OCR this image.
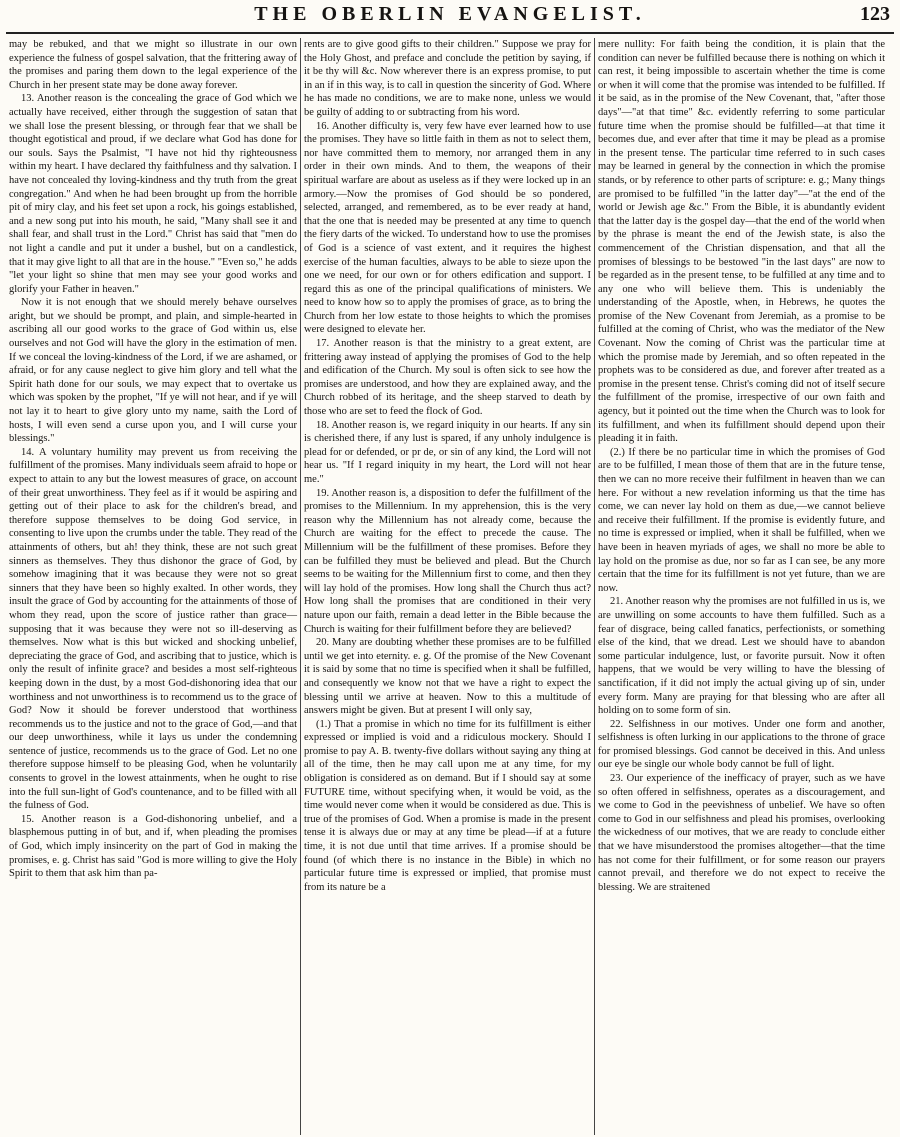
THE OBERLIN EVANGELIST.	123

may be rebuked, and that we might so illustrate in our own experience the fulness of gospel salvation, that the frittering away of the promises and paring them down to the legal experience of the Church in her present state may be done away forever.

13. Another reason is the concealing the grace of God which we actually have received, either through the suggestion of satan that we shall lose the present blessing, or through fear that we shall be thought egotistical and proud, if we declare what God has done for our souls. Says the Psalmist, "I have not hid thy righteousness within my heart. I have declared thy faithfulness and thy salvation. I have not concealed thy loving-kindness and thy truth from the great congregation." And when he had been brought up from the horrible pit of miry clay, and his feet set upon a rock, his goings established, and a new song put into his mouth, he said, "Many shall see it and shall fear, and shall trust in the Lord." Christ has said that "men do not light a candle and put it under a bushel, but on a candlestick, that it may give light to all that are in the house." "Even so," he adds "let your light so shine that men may see your good works and glorify your Father in heaven."

Now it is not enough that we should merely behave ourselves aright, but we should be prompt, and plain, and simple-hearted in ascribing all our good works to the grace of God within us, else ourselves and not God will have the glory in the estimation of men. If we conceal the loving-kindness of the Lord, if we are ashamed, or afraid, or for any cause neglect to give him glory and tell what the Spirit hath done for our souls, we may expect that to overtake us which was spoken by the prophet, "If ye will not hear, and if ye will not lay it to heart to give glory unto my name, saith the Lord of hosts, I will even send a curse upon you, and I will curse your blessings."

14. A voluntary humility may prevent us from receiving the fulfillment of the promises. Many individuals seem afraid to hope or expect to attain to any but the lowest measures of grace, on account of their great unworthiness. They feel as if it would be aspiring and getting out of their place to ask for the children's bread, and therefore suppose themselves to be doing God service, in consenting to live upon the crumbs under the table. They read of the attainments of others, but ah! they think, these are not such great sinners as themselves. They thus dishonor the grace of God, by somehow imagining that it was because they were not so great sinners that they have been so highly exalted. In other words, they insult the grace of God by accounting for the attainments of those of whom they read, upon the score of justice rather than grace—supposing that it was because they were not so ill-deserving as themselves. Now what is this but wicked and shocking unbelief, depreciating the grace of God, and ascribing that to justice, which is only the result of infinite grace? and besides a most self-righteous keeping down in the dust, by a most God-dishonoring idea that our worthiness and not unworthiness is to recommend us to the grace of God? Now it should be forever understood that worthiness recommends us to the justice and not to the grace of God,—and that our deep unworthiness, while it lays us under the condemning sentence of justice, recommends us to the grace of God. Let no one therefore suppose himself to be pleasing God, when he voluntarily consents to grovel in the lowest attainments, when he ought to rise into the full sun-light of God's countenance, and to be filled with all the fulness of God.

15. Another reason is a God-dishonoring unbelief, and a blasphemous putting in of but, and if, when pleading the promises of God, which imply insincerity on the part of God in making the promises, e. g. Christ has said "God is more willing to give the Holy Spirit to them that ask him than pa-

rents are to give good gifts to their children." Suppose we pray for the Holy Ghost, and preface and conclude the petition by saying, if it be thy will &c. Now wherever there is an express promise, to put in an if in this way, is to call in question the sincerity of God. Where he has made no conditions, we are to make none, unless we would be guilty of adding to or subtracting from his word.

16. Another difficulty is, very few have ever learned how to use the promises. They have so little faith in them as not to select them, nor have committed them to memory, nor arranged them in any order in their own minds. And to them, the weapons of their spiritual warfare are about as useless as if they were locked up in an armory.—Now the promises of God should be so pondered, selected, arranged, and remembered, as to be ever ready at hand, that the one that is needed may be presented at any time to quench the fiery darts of the wicked. To understand how to use the promises of God is a science of vast extent, and it requires the highest exercise of the human faculties, always to be able to sieze upon the one we need, for our own or for others edification and support. I regard this as one of the principal qualifications of ministers. We need to know how so to apply the promises of grace, as to bring the Church from her low estate to those heights to which the promises were designed to elevate her.

17. Another reason is that the ministry to a great extent, are frittering away instead of applying the promises of God to the help and edification of the Church. My soul is often sick to see how the promises are understood, and how they are explained away, and the Church robbed of its heritage, and the sheep starved to death by those who are set to feed the flock of God.

18. Another reason is, we regard iniquity in our hearts. If any sin is cherished there, if any lust is spared, if any unholy indulgence is plead for or defended, or pr de, or sin of any kind, the Lord will not hear us. "If I regard iniquity in my heart, the Lord will not hear me."

19. Another reason is, a disposition to defer the fulfillment of the promises to the Millennium. In my apprehension, this is the very reason why the Millennium has not already come, because the Church are waiting for the effect to precede the cause. The Millennium will be the fulfillment of these promises. Before they can be fulfilled they must be believed and plead. But the Church seems to be waiting for the Millennium first to come, and then they will lay hold of the promises. How long shall the Church thus act? How long shall the promises that are conditioned in their very nature upon our faith, remain a dead letter in the Bible because the Church is waiting for their fulfillment before they are believed?

20. Many are doubting whether these promises are to be fulfilled until we get into eternity. e. g. Of the promise of the New Covenant it is said by some that no time is specified when it shall be fulfilled, and consequently we know not that we have a right to expect the blessing until we arrive at heaven. Now to this a multitude of answers might be given. But at present I will only say,

(1.) That a promise in which no time for its fulfillment is either expressed or implied is void and a ridiculous mockery. Should I promise to pay A. B. twenty-five dollars without saying any thing at all of the time, then he may call upon me at any time, for my obligation is considered as on demand. But if I should say at some FUTURE time, without specifying when, it would be void, as the time would never come when it would be considered as due. This is true of the promises of God. When a promise is made in the present tense it is always due or may at any time be plead—if at a future time, it is not due until that time arrives. If a promise should be found (of which there is no instance in the Bible) in which no particular future time is expressed or implied, that promise must from its nature be a

mere nullity: For faith being the condition, it is plain that the condition can never be fulfilled because there is nothing on which it can rest, it being impossible to ascertain whether the time is come or when it will come that the promise was intended to be fulfilled. If it be said, as in the promise of the New Covenant, that, "after those days"—"at that time" &c. evidently referring to some particular future time when the promise should be fulfilled—at that time it becomes due, and ever after that time it may be plead as a promise in the present tense. The particular time referred to in such cases may be learned in general by the connection in which the promise stands, or by reference to other parts of scripture: e. g.; Many things are promised to be fulfilled "in the latter day"—"at the end of the world or Jewish age &c." From the Bible, it is abundantly evident that the latter day is the gospel day—that the end of the world when by the phrase is meant the end of the Jewish state, is also the commencement of the Christian dispensation, and that all the promises of blessings to be bestowed "in the last days" are now to be regarded as in the present tense, to be fulfilled at any time and to any one who will believe them. This is undeniably the understanding of the Apostle, when, in Hebrews, he quotes the promise of the New Covenant from Jeremiah, as a promise to be fulfilled at the coming of Christ, who was the mediator of the New Covenant. Now the coming of Christ was the particular time at which the promise made by Jeremiah, and so often repeated in the prophets was to be considered as due, and forever after treated as a promise in the present tense. Christ's coming did not of itself secure the fulfillment of the promise, irrespective of our own faith and agency, but it pointed out the time when the Church was to look for its fulfillment, and when its fulfillment should depend upon their pleading it in faith.

(2.) If there be no particular time in which the promises of God are to be fulfilled, I mean those of them that are in the future tense, then we can no more receive their fulfilment in heaven than we can here. For without a new revelation informing us that the time has come, we can never lay hold on them as due,—we cannot believe and receive their fulfillment. If the promise is evidently future, and no time is expressed or implied, when it shall be fulfilled, when we have been in heaven myriads of ages, we shall no more be able to lay hold on the promise as due, nor so far as I can see, be any more certain that the time for its fulfillment is not yet future, than we are now.

21. Another reason why the promises are not fulfilled in us is, we are unwilling on some accounts to have them fulfilled. Such as a fear of disgrace, being called fanatics, perfectionists, or something else of the kind, that we dread. Lest we should have to abandon some particular indulgence, lust, or favorite pursuit. Now it often happens, that we would be very willing to have the blessing of sanctification, if it did not imply the actual giving up of sin, under every form. Many are praying for that blessing who are after all holding on to some form of sin.

22. Selfishness in our motives. Under one form and another, selfishness is often lurking in our applications to the throne of grace for promised blessings. God cannot be deceived in this. And unless our eye be single our whole body cannot be full of light.

23. Our experience of the inefficacy of prayer, such as we have so often offered in selfishness, operates as a discouragement, and we come to God in the peevishness of unbelief. We have so often come to God in our selfishness and plead his promises, overlooking the wickedness of our motives, that we are ready to conclude either that we have misunderstood the promises altogether—that the time has not come for their fulfillment, or for some reason our prayers cannot prevail, and therefore we do not expect to receive the blessing. We are straitened
